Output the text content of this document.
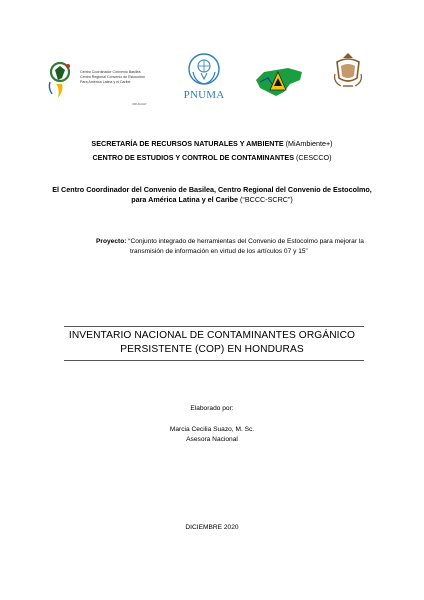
Centro Coordinador Convenio Basilea
Centro Regional Convenio de Estocolmo
Para América Latina y el Caribe
URUGUAY
PNUMA
SECRETARÍA DE RECURSOS NATURALES Y AMBIENTE (MiAmbiente+)
CENTRO DE ESTUDIOS Y CONTROL DE CONTAMINANTES (CESCCO)
El Centro Coordinador del Convenio de Basilea, Centro Regional del Convenio de Estocolmo,
para América Latina y el Caribe (“BCCC-SCRC”)
Proyecto: “Conjunto integrado de herramientas del Convenio de Estocolmo para mejorar la
transmisión de información en virtud de los artículos 07 y 15”
INVENTARIO NACIONAL DE CONTAMINANTES ORGÁNICO
PERSISTENTE (COP) EN HONDURAS
Elaborado por:
Marcia Cecilia Suazo, M. Sc.
Asesora Nacional
DICIEMBRE 2020
